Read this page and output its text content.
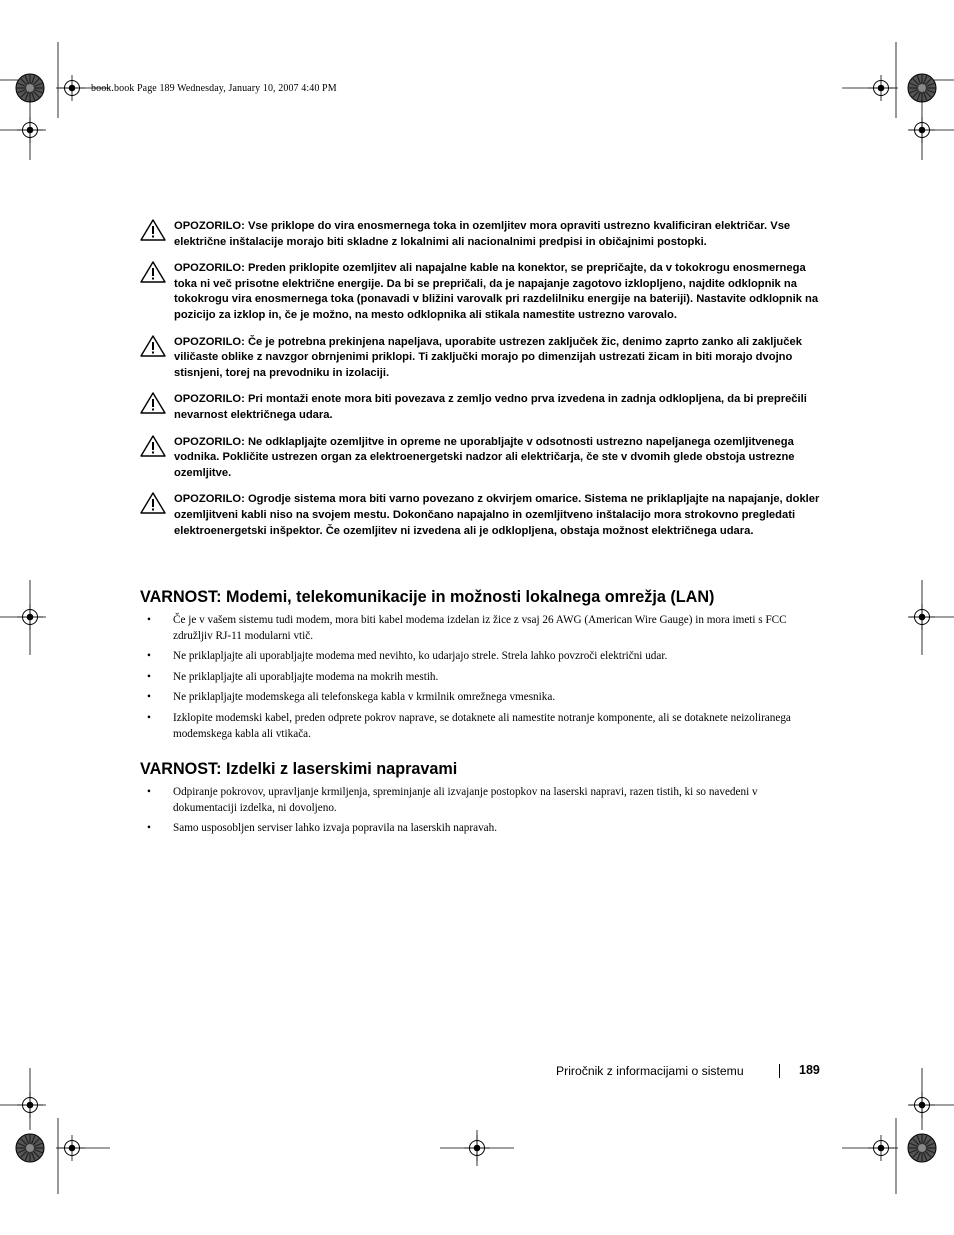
book.book Page 189 Wednesday, January 10, 2007 4:40 PM

OPOZORILO: Vse priklope do vira enosmernega toka in ozemljitev mora opraviti ustrezno kvalificiran električar. Vse električne inštalacije morajo biti skladne z lokalnimi ali nacionalnimi predpisi in običajnimi postopki.

OPOZORILO: Preden priklopite ozemljitev ali napajalne kable na konektor, se prepričajte, da v tokokrogu enosmernega toka ni več prisotne električne energije. Da bi se prepričali, da je napajanje zagotovo izklopljeno, najdite odklopnik na tokokrogu vira enosmernega toka (ponavadi v bližini varovalk pri razdelilniku energije na bateriji). Nastavite odklopnik na pozicijo za izklop in, če je možno, na mesto odklopnika ali stikala namestite ustrezno varovalo.

OPOZORILO: Če je potrebna prekinjena napeljava, uporabite ustrezen zaključek žic, denimo zaprto zanko ali zaključek viličaste oblike z navzgor obrnjenimi priklopi. Ti zaključki morajo po dimenzijah ustrezati žicam in biti morajo dvojno stisnjeni, torej na prevodniku in izolaciji.

OPOZORILO: Pri montaži enote mora biti povezava z zemljo vedno prva izvedena in zadnja odklopljena, da bi preprečili nevarnost električnega udara.

OPOZORILO: Ne odklapljajte ozemljitve in opreme ne uporabljajte v odsotnosti ustrezno napeljanega ozemljitvenega vodnika. Pokličite ustrezen organ za elektroenergetski nadzor ali električarja, če ste v dvomih glede obstoja ustrezne ozemljitve.

OPOZORILO: Ogrodje sistema mora biti varno povezano z okvirjem omarice. Sistema ne priklapljajte na napajanje, dokler ozemljitveni kabli niso na svojem mestu. Dokončano napajalno in ozemljitveno inštalacijo mora strokovno pregledati elektroenergetski inšpektor. Če ozemljitev ni izvedena ali je odklopljena, obstaja možnost električnega udara.

VARNOST: Modemi, telekomunikacije in možnosti lokalnega omrežja (LAN)
• Če je v vašem sistemu tudi modem, mora biti kabel modema izdelan iz žice z vsaj 26 AWG (American Wire Gauge) in mora imeti s FCC združljiv RJ-11 modularni vtič.
• Ne priklapljajte ali uporabljajte modema med nevihto, ko udarjajo strele. Strela lahko povzroči električni udar.
• Ne priklapljajte ali uporabljajte modema na mokrih mestih.
• Ne priklapljajte modemskega ali telefonskega kabla v krmilnik omrežnega vmesnika.
• Izklopite modemski kabel, preden odprete pokrov naprave, se dotaknete ali namestite notranje komponente, ali se dotaknete neizoliranega modemskega kabla ali vtikača.
VARNOST: Izdelki z laserskimi napravami
• Odpiranje pokrovov, upravljanje krmiljenja, spreminjanje ali izvajanje postopkov na laserski napravi, razen tistih, ki so navedeni v dokumentaciji izdelka, ni dovoljeno.
• Samo usposobljen serviser lahko izvaja popravila na laserskih napravah.
Priročnik z informacijami o sistemu	189
